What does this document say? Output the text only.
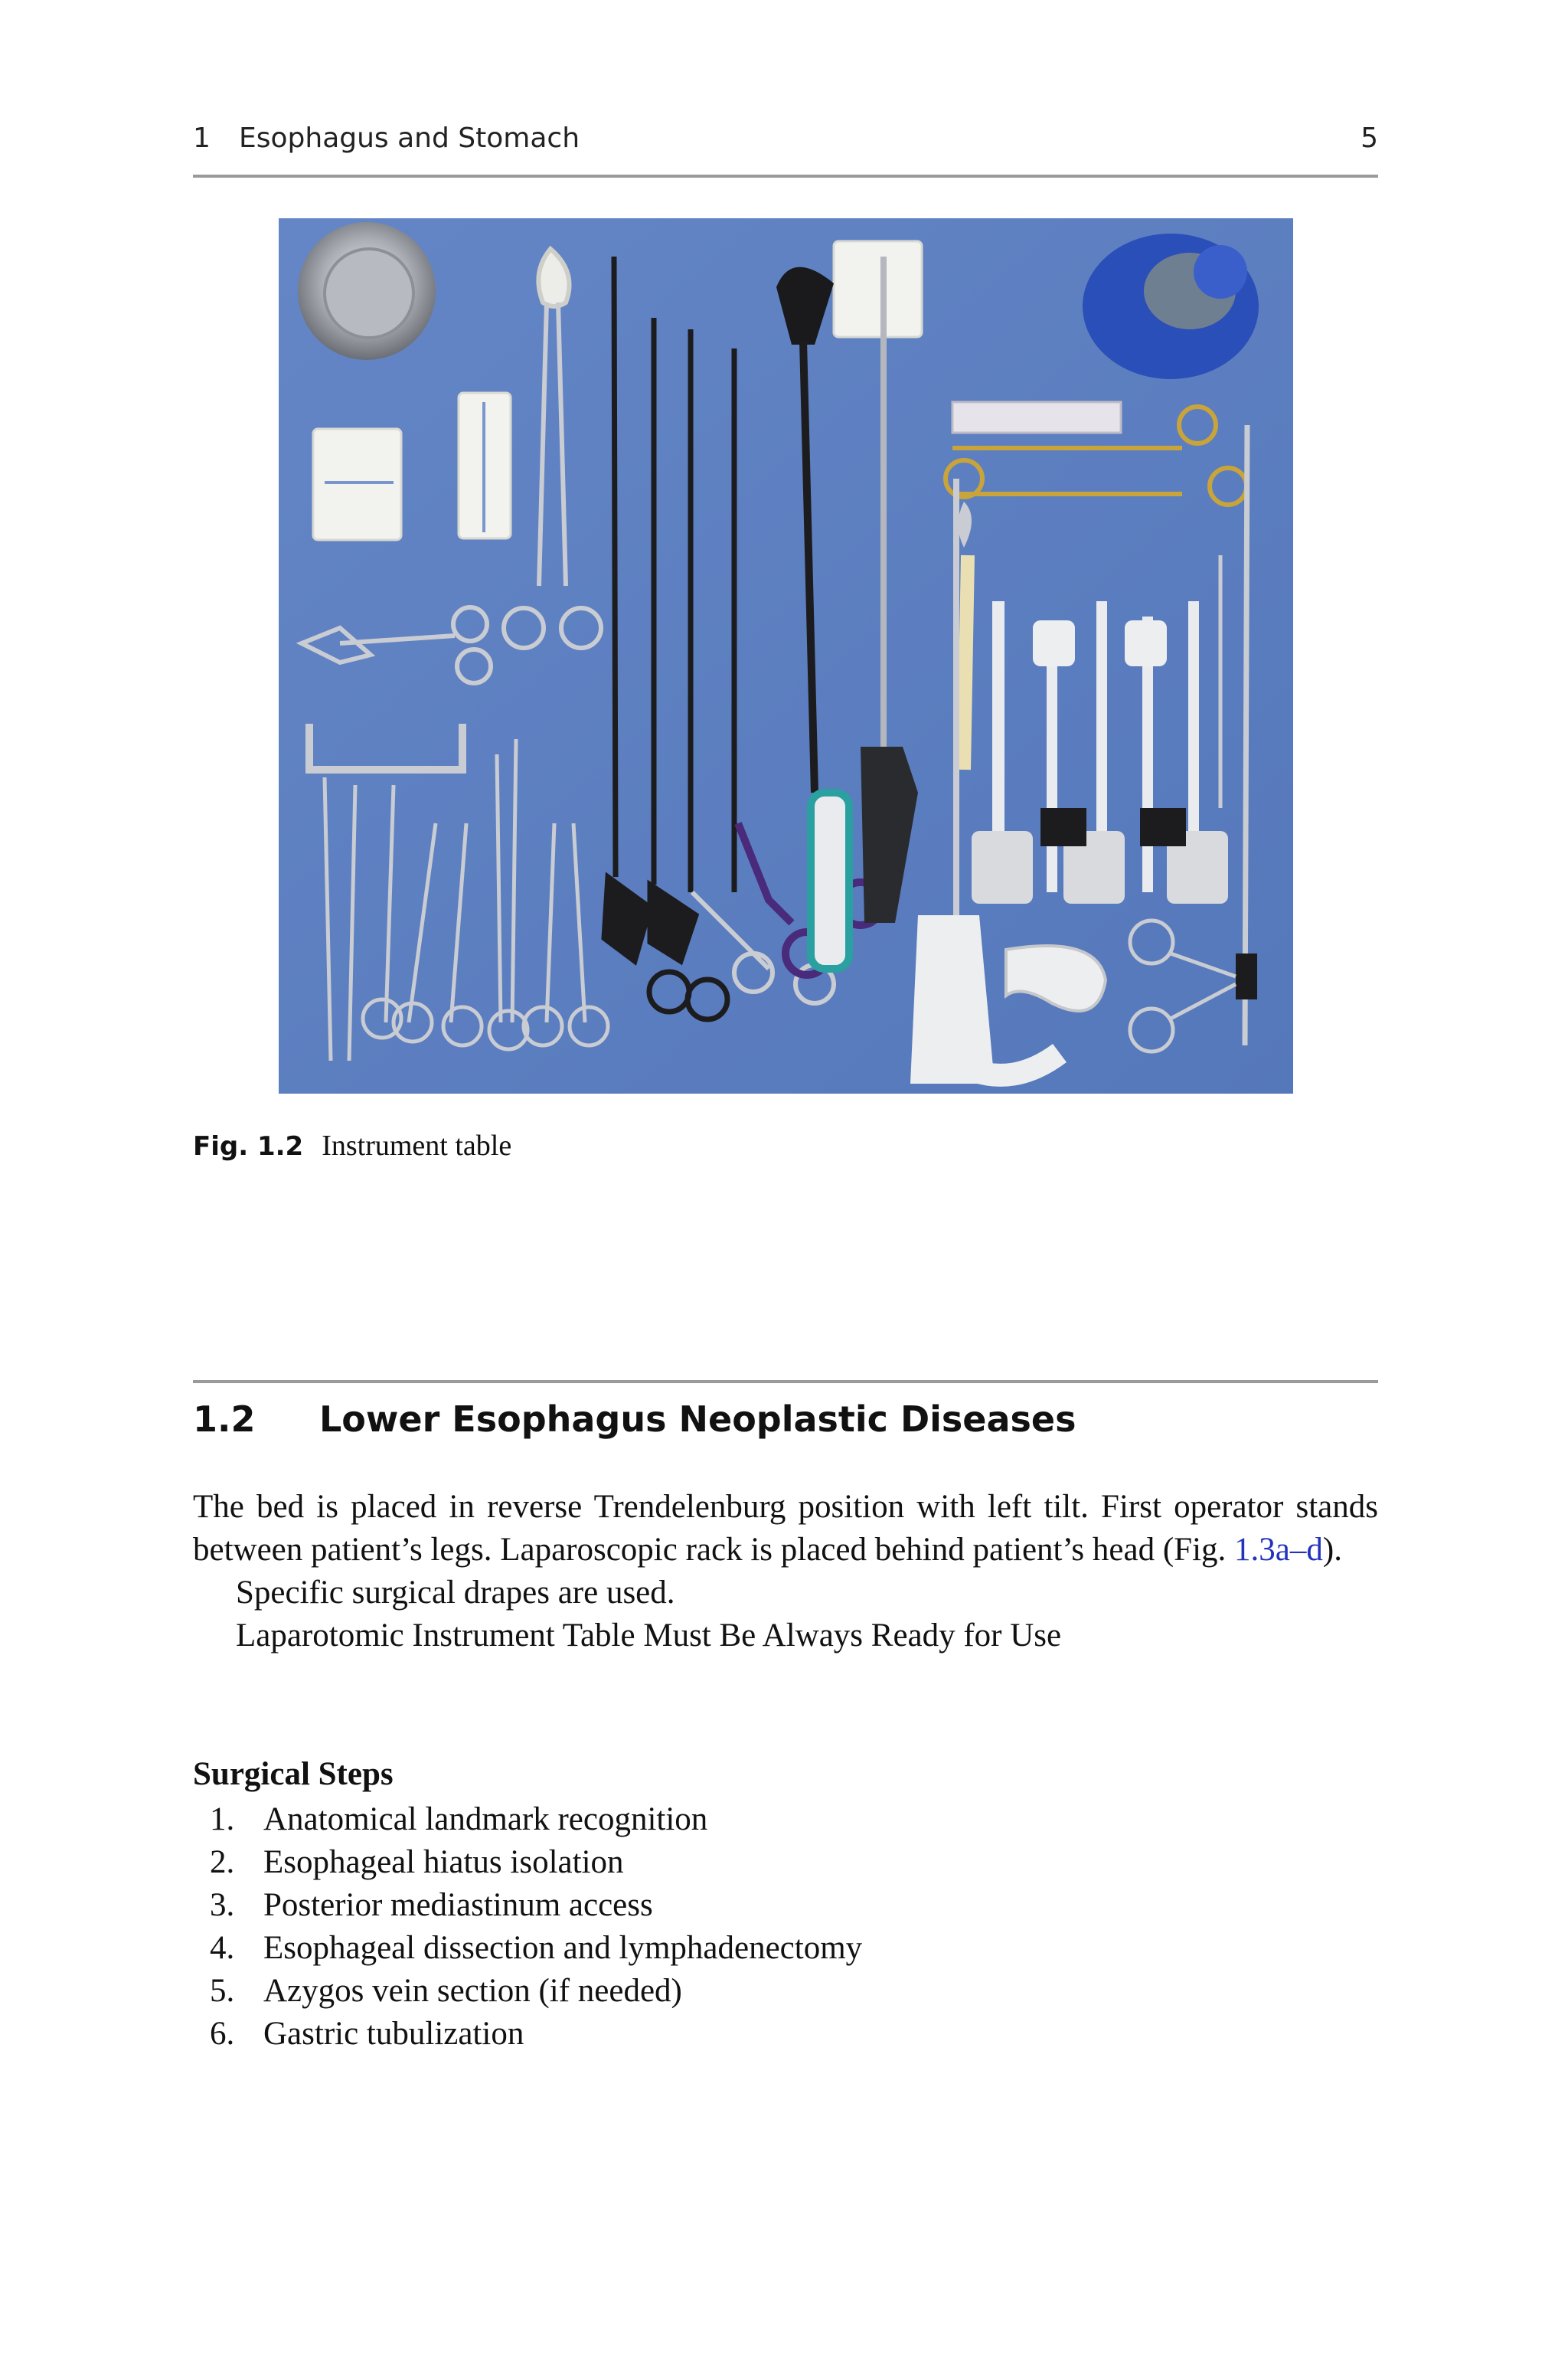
1 Esophagus and Stomach	5
Fig. 1.2 Instrument table
1.2 Lower Esophagus Neoplastic Diseases

The bed is placed in reverse Trendelenburg position with left tilt. First operator stands between patient’s legs. Laparoscopic rack is placed behind patient’s head (Fig. 1.3a–d).

Specific surgical drapes are used.

Laparotomic Instrument Table Must Be Always Ready for Use

Surgical Steps
1. Anatomical landmark recognition
2. Esophageal hiatus isolation
3. Posterior mediastinum access
4. Esophageal dissection and lymphadenectomy
5. Azygos vein section (if needed)
6. Gastric tubulization
